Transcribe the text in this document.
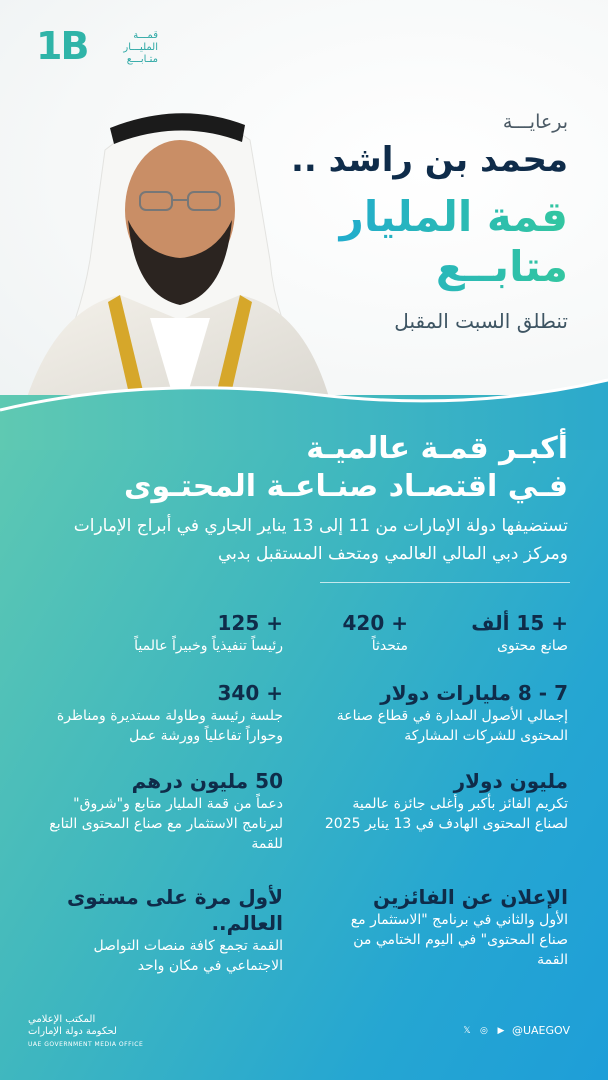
1B	قمـــة
المليـــار
متـابـــع
برعايـــة
محمد بن راشد ..
قمة المليار
متابــع
تنطلق السبت المقبل
أكبـر قمـة عالميـة
فـي اقتصـاد صنـاعـة المحتـوى
تستضيفها دولة الإمارات من 11 إلى 13 يناير الجاري في أبراج الإمارات ومركز دبي المالي العالمي ومتحف المستقبل بدبي
+ 15 ألف
صانع محتوى
+ 420
متحدثاً
+ 125
رئيساً تنفيذياً وخبيراً عالمياً
7 - 8 مليارات دولار
إجمالي الأصول المدارة في قطاع صناعة المحتوى للشركات المشاركة
+ 340
جلسة رئيسة وطاولة مستديرة ومناظرة وحواراً تفاعلياً وورشة عمل
مليون دولار
تكريم الفائز بأكبر وأغلى جائزة عالمية لصناع المحتوى الهادف في 13 يناير 2025
50 مليون درهم
دعماً من قمة المليار متابع و"شروق" لبرنامج الاستثمار مع صناع المحتوى التابع للقمة
الإعلان عن الفائزين
الأول والثاني في برنامج "الاستثمار مع صناع المحتوى" في اليوم الختامي من القمة
لأول مرة على مستوى العالم..
القمة تجمع كافة منصات التواصل الاجتماعي في مكان واحد
المكتب الإعلامي
لحكومة دولة الإمارات
UAE GOVERNMENT MEDIA OFFICE
𝕏 ◎ ▶ @UAEGOV
